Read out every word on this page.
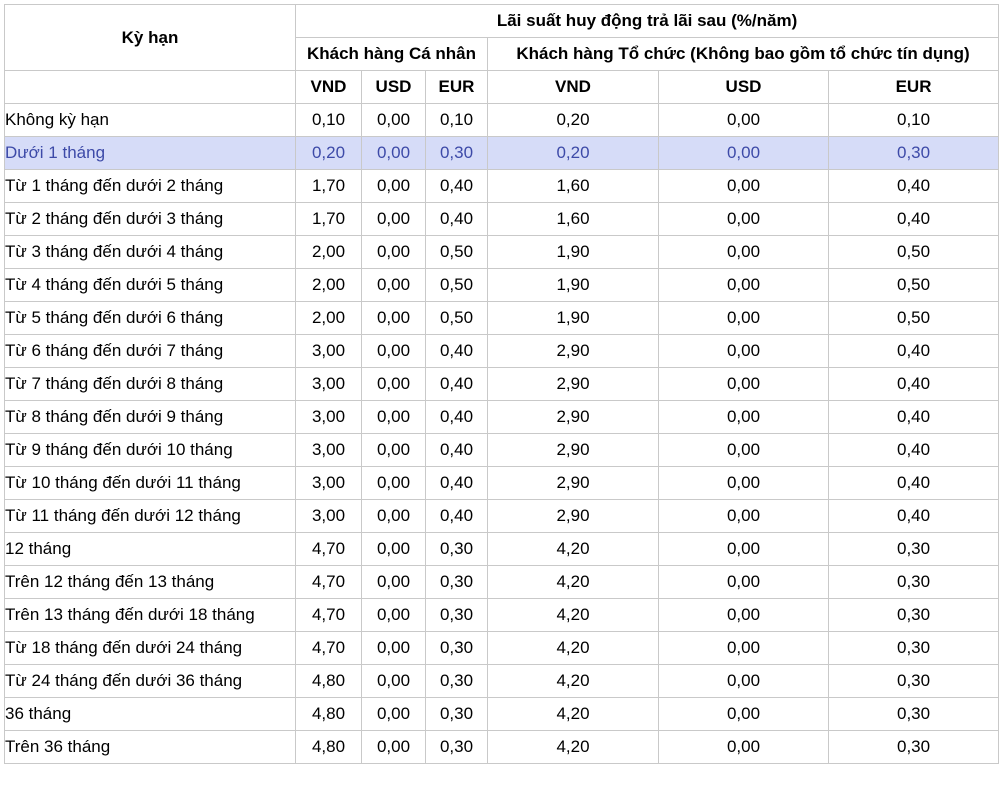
Kỳ hạn	Lãi suất huy động trả lãi sau (%/năm)					
	Khách hàng Cá nhân			Khách hàng Tổ chức (Không bao gồm tổ chức tín dụng)		
	VND	USD	EUR	VND	USD	EUR
Không kỳ hạn	0,10	0,00	0,10	0,20	0,00	0,10
Dưới 1 tháng	0,20	0,00	0,30	0,20	0,00	0,30
Từ 1 tháng đến dưới 2 tháng	1,70	0,00	0,40	1,60	0,00	0,40
Từ 2 tháng đến dưới 3 tháng	1,70	0,00	0,40	1,60	0,00	0,40
Từ 3 tháng đến dưới 4 tháng	2,00	0,00	0,50	1,90	0,00	0,50
Từ 4 tháng đến dưới 5 tháng	2,00	0,00	0,50	1,90	0,00	0,50
Từ 5 tháng đến dưới 6 tháng	2,00	0,00	0,50	1,90	0,00	0,50
Từ 6 tháng đến dưới 7 tháng	3,00	0,00	0,40	2,90	0,00	0,40
Từ 7 tháng đến dưới 8 tháng	3,00	0,00	0,40	2,90	0,00	0,40
Từ 8 tháng đến dưới 9 tháng	3,00	0,00	0,40	2,90	0,00	0,40
Từ 9 tháng đến dưới 10 tháng	3,00	0,00	0,40	2,90	0,00	0,40
Từ 10 tháng đến dưới 11 tháng	3,00	0,00	0,40	2,90	0,00	0,40
Từ 11 tháng đến dưới 12 tháng	3,00	0,00	0,40	2,90	0,00	0,40
12 tháng	4,70	0,00	0,30	4,20	0,00	0,30
Trên 12 tháng đến 13 tháng	4,70	0,00	0,30	4,20	0,00	0,30
Trên 13 tháng đến dưới 18 tháng	4,70	0,00	0,30	4,20	0,00	0,30
Từ 18 tháng đến dưới 24 tháng	4,70	0,00	0,30	4,20	0,00	0,30
Từ 24 tháng đến dưới 36 tháng	4,80	0,00	0,30	4,20	0,00	0,30
36 tháng	4,80	0,00	0,30	4,20	0,00	0,30
Trên 36 tháng	4,80	0,00	0,30	4,20	0,00	0,30
